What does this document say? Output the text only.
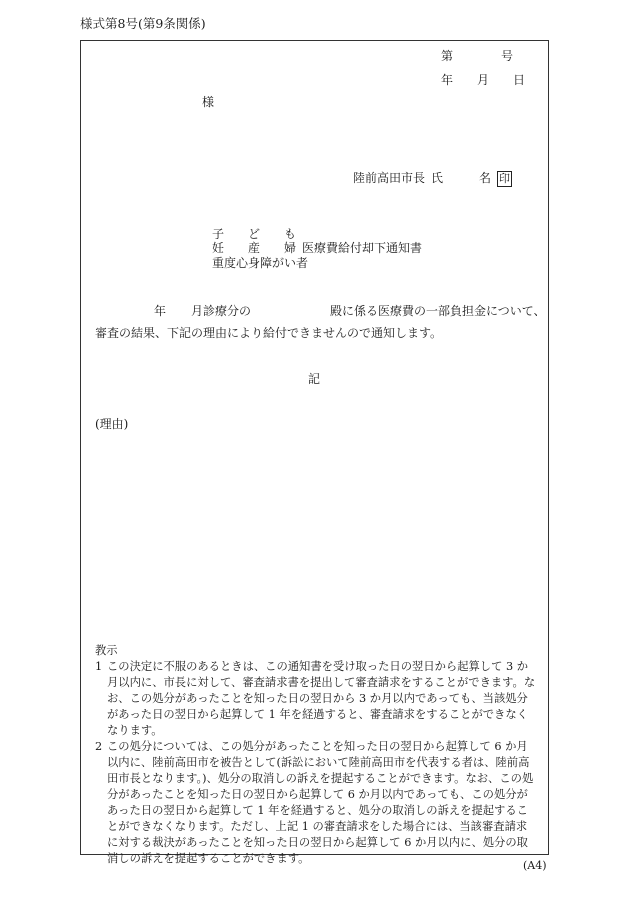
様式第8号(第9条関係)
第　　　　号
年　　月　　日
様
陸前高田市長 氏　　　名 印
子　　ど　　も
妊　　産　　婦 医療費給付却下通知書
重度心身障がい者
年 月診療分の	殿に係る医療費の一部負担金について、
審査の結果、下記の理由により給付できませんので通知します。
記
(理由)
教示
1 この決定に不服のあるときは、この通知書を受け取った日の翌日から起算して 3 か月以内に、市長に対して、審査請求書を提出して審査請求をすることができます。なお、この処分があったことを知った日の翌日から 3 か月以内であっても、当該処分があった日の翌日から起算して 1 年を経過すると、審査請求をすることができなくなります。
2 この処分については、この処分があったことを知った日の翌日から起算して 6 か月以内に、陸前高田市を被告として(訴訟において陸前高田市を代表する者は、陸前高田市長となります。)、処分の取消しの訴えを提起することができます。なお、この処分があったことを知った日の翌日から起算して 6 か月以内であっても、この処分があった日の翌日から起算して 1 年を経過すると、処分の取消しの訴えを提起することができなくなります。ただし、上記 1 の審査請求をした場合には、当該審査請求に対する裁決があったことを知った日の翌日から起算して 6 か月以内に、処分の取消しの訴えを提起することができます。
(A4)
